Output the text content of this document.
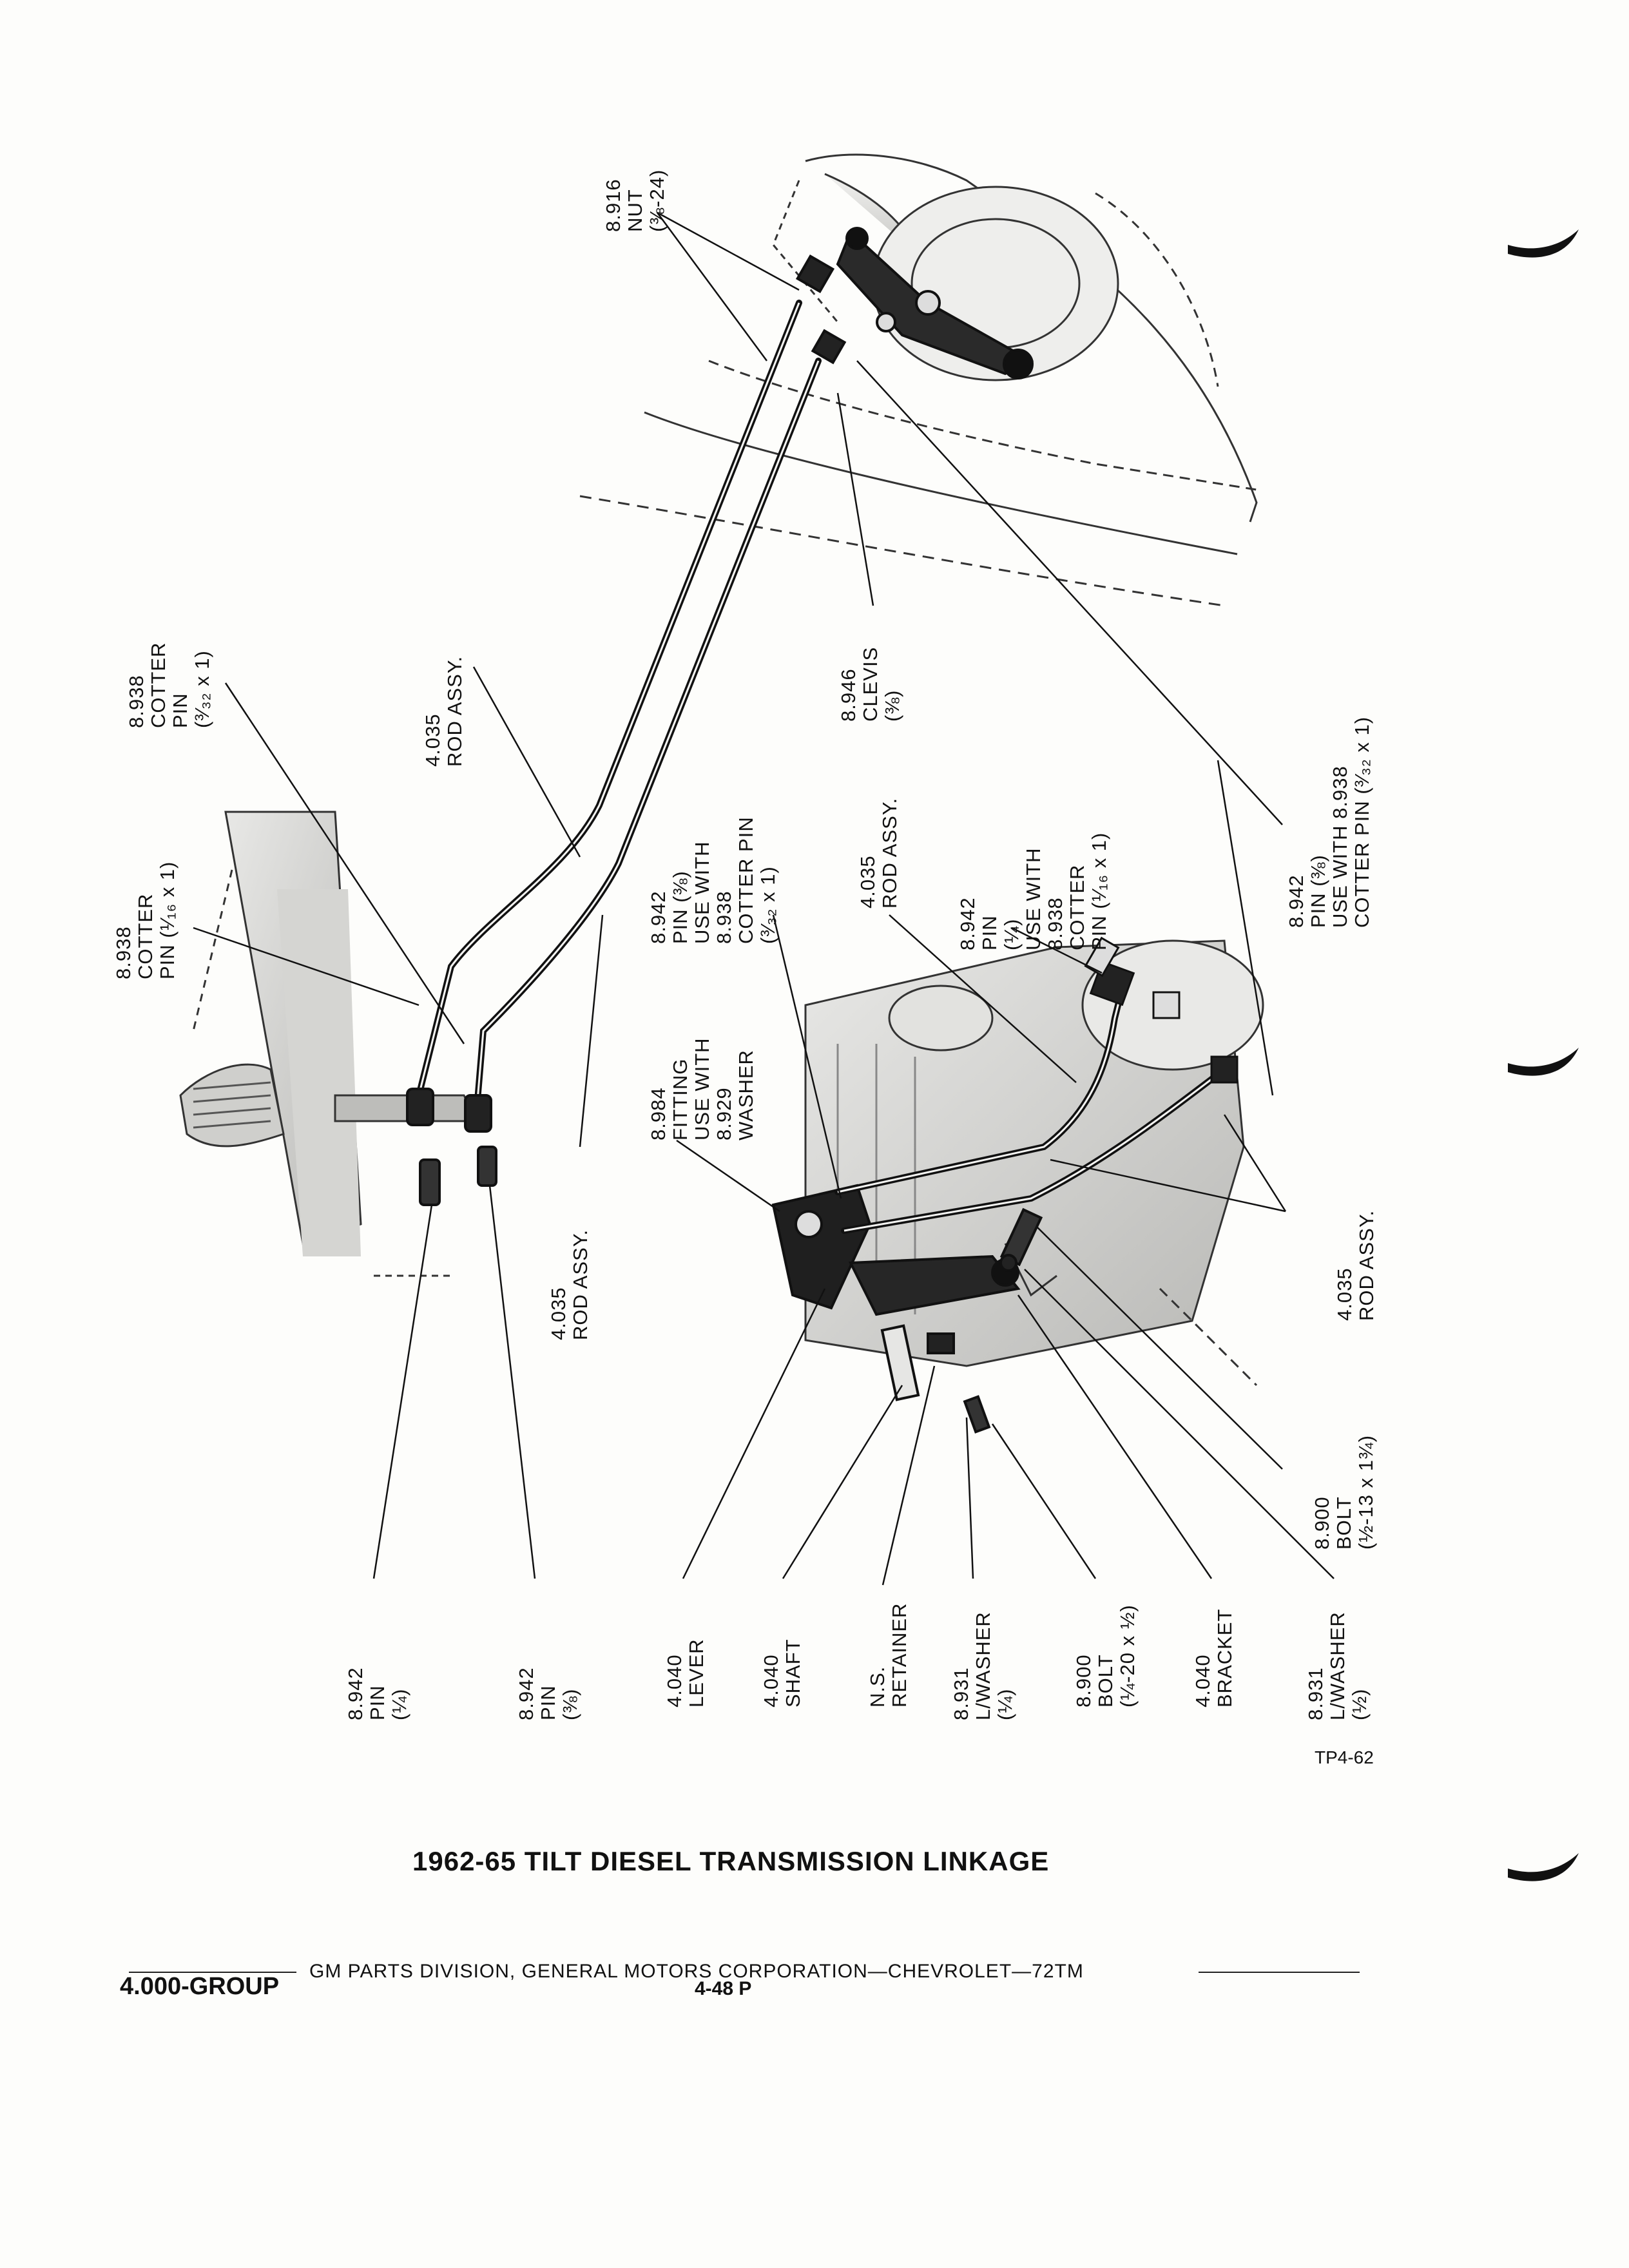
8.916 NUT (⅜-24)
8.938 COTTER PIN (³⁄₃₂ x 1)
4.035 ROD ASSY.	8.946 CLEVIS (⅜)
8.942 PIN (⅜) USE WITH 8.938 COTTER PIN (³⁄₃₂ x 1)
8.938 COTTER PIN (¹⁄₁₆ x 1)	8.942 PIN (⅜) USE WITH 8.938 COTTER PIN (³⁄₃₂ x 1)	4.035 ROD ASSY.
8.942 PIN (¼) USE WITH 8.938 COTTER PIN (¹⁄₁₆ x 1)
8.984 FITTING USE WITH 8.929 WASHER
4.035 ROD ASSY.	4.035 ROD ASSY.
8.900 BOLT (½-13 x 1¾)
8.942 PIN (¼)	8.942 PIN (⅜)	4.040 LEVER	4.040 SHAFT	N.S. RETAINER 8.931 L/WASHER (¼)	8.900 BOLT (¼-20 x ½)	4.040 BRACKET	8.931 L/WASHER (½)
TP4-62
1962-65 TILT DIESEL TRANSMISSION LINKAGE
GM PARTS DIVISION, GENERAL MOTORS CORPORATION—CHEVROLET—72TM
4.000-GROUP	4-48 P
